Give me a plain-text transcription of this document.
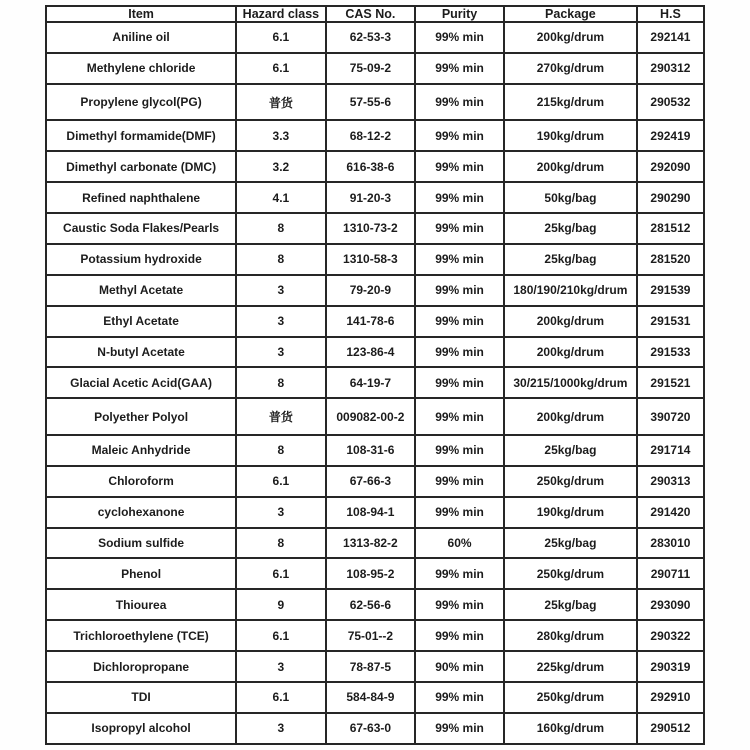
Item	Hazard class	CAS No.	Purity	Package	H.S
Aniline oil	6.1	62-53-3	99% min	200kg/drum	292141
Methylene chloride	6.1	75-09-2	99% min	270kg/drum	290312
Propylene glycol(PG)	普货	57-55-6	99% min	215kg/drum	290532
Dimethyl formamide(DMF)	3.3	68-12-2	99% min	190kg/drum	292419
Dimethyl carbonate (DMC)	3.2	616-38-6	99% min	200kg/drum	292090
Refined naphthalene	4.1	91-20-3	99% min	50kg/bag	290290
Caustic Soda Flakes/Pearls	8	1310-73-2	99% min	25kg/bag	281512
Potassium hydroxide	8	1310-58-3	99% min	25kg/bag	281520
Methyl Acetate	3	79-20-9	99% min	180/190/210kg/drum	291539
Ethyl Acetate	3	141-78-6	99% min	200kg/drum	291531
N-butyl Acetate	3	123-86-4	99% min	200kg/drum	291533
Glacial Acetic Acid(GAA)	8	64-19-7	99% min	30/215/1000kg/drum	291521
Polyether Polyol	普货	009082-00-2	99% min	200kg/drum	390720
Maleic Anhydride	8	108-31-6	99% min	25kg/bag	291714
Chloroform	6.1	67-66-3	99% min	250kg/drum	290313
cyclohexanone	3	108-94-1	99% min	190kg/drum	291420
Sodium sulfide	8	1313-82-2	60%	25kg/bag	283010
Phenol	6.1	108-95-2	99% min	250kg/drum	290711
Thiourea	9	62-56-6	99% min	25kg/bag	293090
Trichloroethylene (TCE)	6.1	75-01--2	99% min	280kg/drum	290322
Dichloropropane	3	78-87-5	90% min	225kg/drum	290319
TDI	6.1	584-84-9	99% min	250kg/drum	292910
Isopropyl alcohol	3	67-63-0	99% min	160kg/drum	290512
